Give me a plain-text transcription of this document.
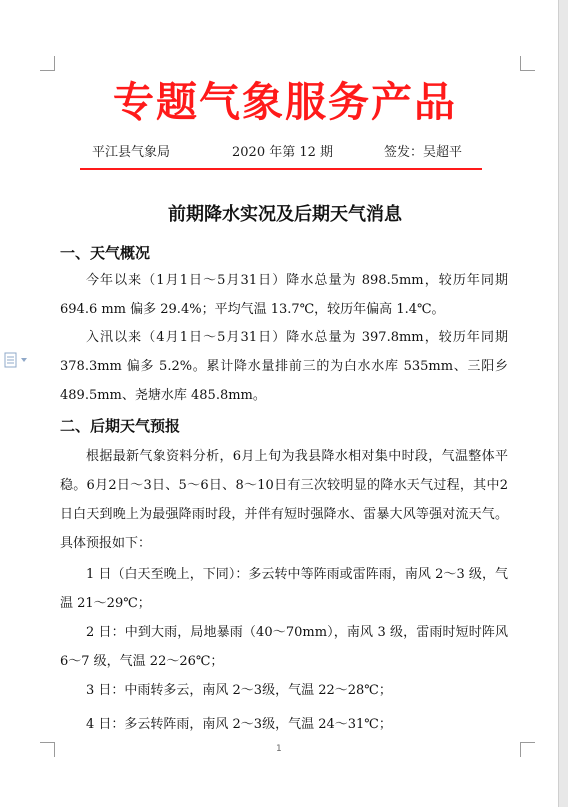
专题气象服务产品
平江县气象局	2020 年第 12 期	签发：吴超平
前期降水实况及后期天气消息
一、天气概况
今年以来（1月1日～5月31日）降水总量为 898.5mm，较历年同期 694.6 mm 偏多 29.4%；平均气温 13.7℃，较历年偏高 1.4℃。
入汛以来（4月1日～5月31日）降水总量为 397.8mm，较历年同期 378.3mm 偏多 5.2%。累计降水量排前三的为白水水库 535mm、三阳乡 489.5mm、尧塘水库 485.8mm。
二、后期天气预报
根据最新气象资料分析，6月上旬为我县降水相对集中时段，气温整体平稳。6月2日～3日、5～6日、8～10日有三次较明显的降水天气过程，其中2日白天到晚上为最强降雨时段，并伴有短时强降水、雷暴大风等强对流天气。具体预报如下：
1 日（白天至晚上，下同）：多云转中等阵雨或雷阵雨，南风 2～3 级，气温 21～29℃；
2 日：中到大雨，局地暴雨（40～70mm），南风 3 级，雷雨时短时阵风 6～7 级，气温 22～26℃；
3 日：中雨转多云，南风 2～3级，气温 22～28℃；
4 日：多云转阵雨，南风 2～3级，气温 24～31℃；
1
